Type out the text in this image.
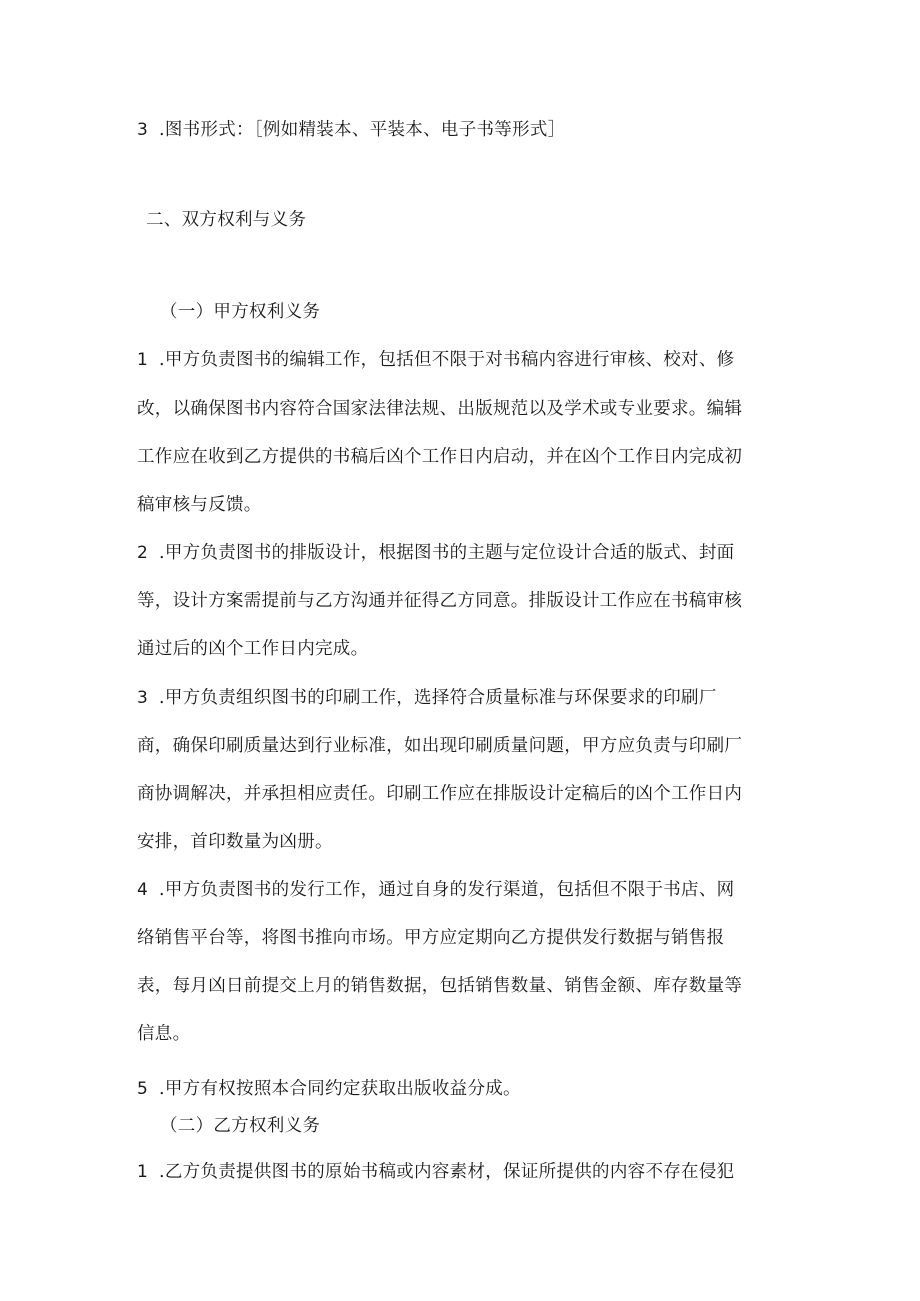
3 .图书形式：［例如精装本、平装本、电子书等形式］
二、双方权利与义务
（一）甲方权利义务
1 .甲方负责图书的编辑工作，包括但不限于对书稿内容进行审核、校对、修
改，以确保图书内容符合国家法律法规、出版规范以及学术或专业要求。编辑
工作应在收到乙方提供的书稿后凶个工作日内启动，并在凶个工作日内完成初
稿审核与反馈。
2 .甲方负责图书的排版设计，根据图书的主题与定位设计合适的版式、封面
等，设计方案需提前与乙方沟通并征得乙方同意。排版设计工作应在书稿审核
通过后的凶个工作日内完成。
3 .甲方负责组织图书的印刷工作，选择符合质量标准与环保要求的印刷厂
商，确保印刷质量达到行业标准，如出现印刷质量问题，甲方应负责与印刷厂
商协调解决，并承担相应责任。印刷工作应在排版设计定稿后的凶个工作日内
安排，首印数量为凶册。
4 .甲方负责图书的发行工作，通过自身的发行渠道，包括但不限于书店、网
络销售平台等，将图书推向市场。甲方应定期向乙方提供发行数据与销售报
表，每月凶日前提交上月的销售数据，包括销售数量、销售金额、库存数量等
信息。
5 .甲方有权按照本合同约定获取出版收益分成。
（二）乙方权利义务
1 .乙方负责提供图书的原始书稿或内容素材，保证所提供的内容不存在侵犯
